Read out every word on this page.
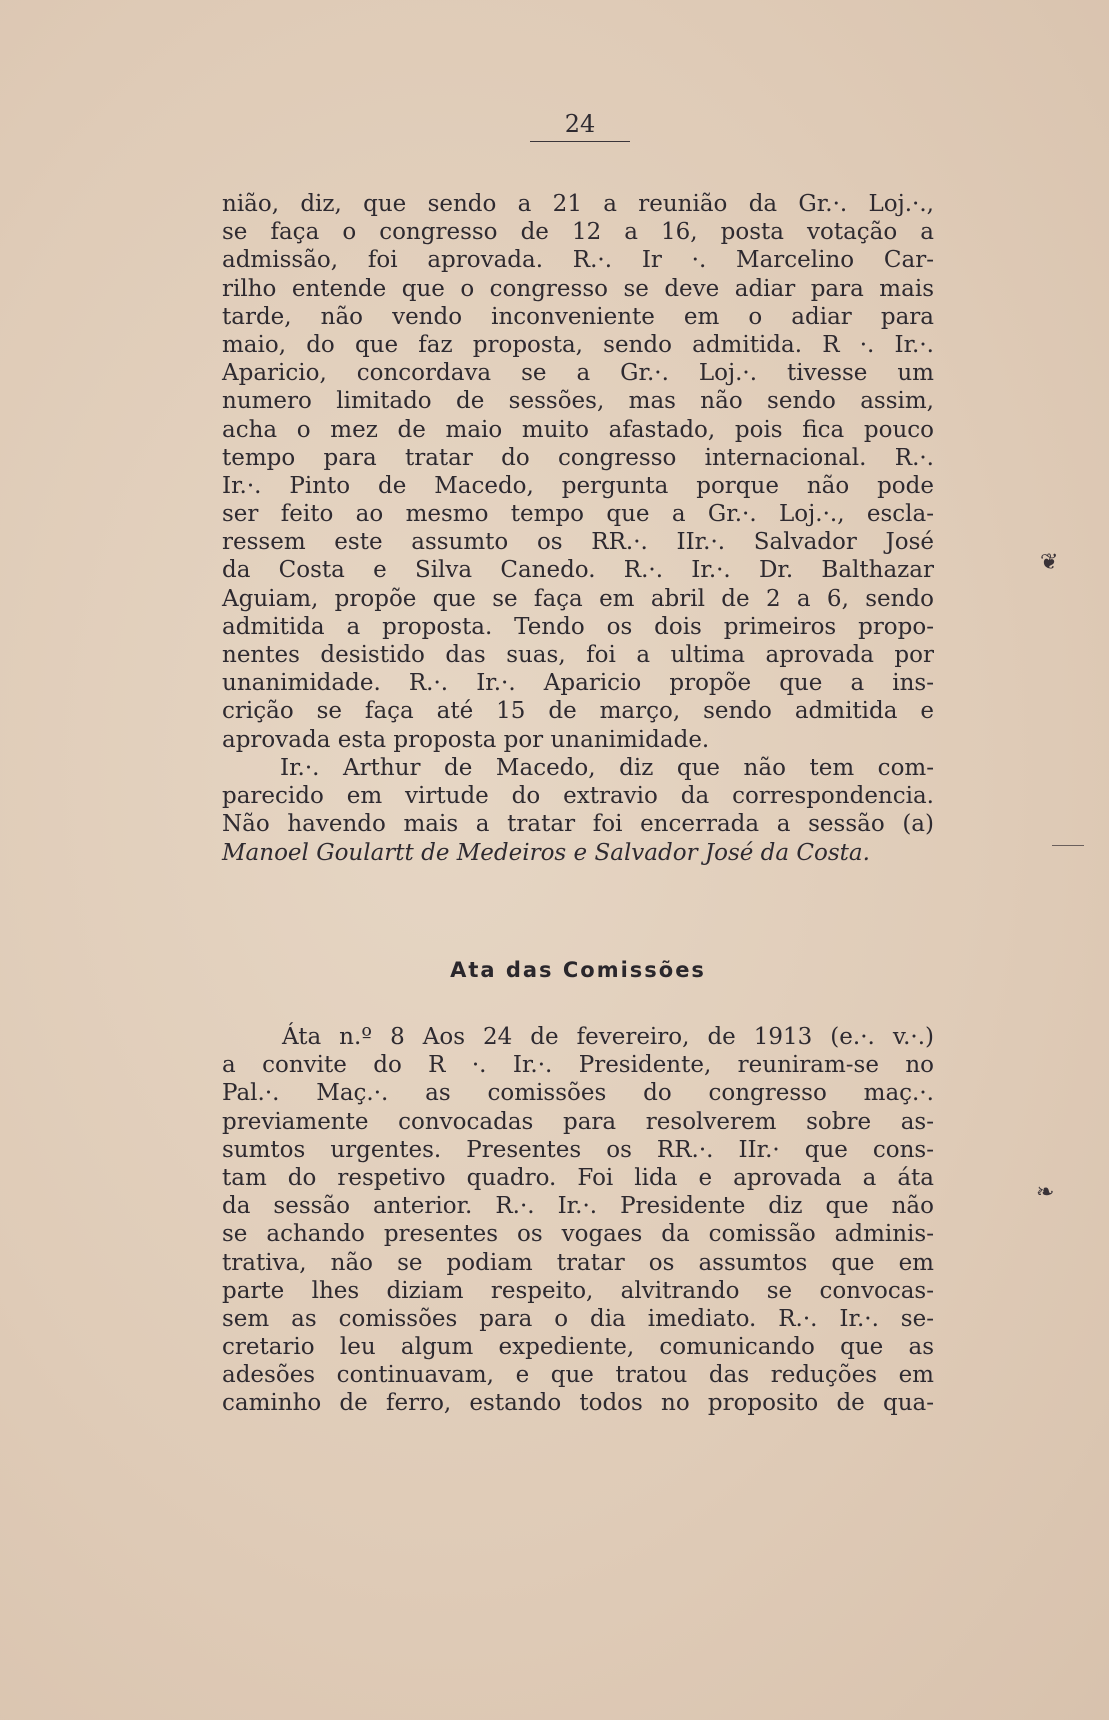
24
nião, diz, que sendo a 21 a reunião da Gr.·. Loj.·.,
se faça o congresso de 12 a 16, posta votação a
admissão, foi aprovada. R.·. Ir ·. Marcelino Car-
rilho entende que o congresso se deve adiar para mais
tarde, não vendo inconveniente em o adiar para
maio, do que faz proposta, sendo admitida. R ·. Ir.·.
Aparicio, concordava se a Gr.·. Loj.·. tivesse um
numero limitado de sessões, mas não sendo assim,
acha o mez de maio muito afastado, pois fica pouco
tempo para tratar do congresso internacional. R.·.
Ir.·. Pinto de Macedo, pergunta porque não pode
ser feito ao mesmo tempo que a Gr.·. Loj.·., escla-
ressem este assumto os RR.·. IIr.·. Salvador José
da Costa e Silva Canedo. R.·. Ir.·. Dr. Balthazar
Aguiam, propõe que se faça em abril de 2 a 6, sendo
admitida a proposta. Tendo os dois primeiros propo-
nentes desistido das suas, foi a ultima aprovada por
unanimidade. R.·. Ir.·. Aparicio propõe que a ins-
crição se faça até 15 de março, sendo admitida e
aprovada esta proposta por unanimidade.
Ir.·. Arthur de Macedo, diz que não tem com-
parecido em virtude do extravio da correspondencia.
Não havendo mais a tratar foi encerrada a sessão (a)
Manoel Goulartt de Medeiros e Salvador José da Costa.
Ata das Comissões
Áta n.º 8 Aos 24 de fevereiro, de 1913 (e.·. v.·.)
a convite do R ·. Ir.·. Presidente, reuniram-se no
Pal.·. Maç.·. as comissões do congresso maç.·.
previamente convocadas para resolverem sobre as-
sumtos urgentes. Presentes os RR.·. IIr.· que cons-
tam do respetivo quadro. Foi lida e aprovada a áta
da sessão anterior. R.·. Ir.·. Presidente diz que não
se achando presentes os vogaes da comissão adminis-
trativa, não se podiam tratar os assumtos que em
parte lhes diziam respeito, alvitrando se convocas-
sem as comissões para o dia imediato. R.·. Ir.·. se-
cretario leu algum expediente, comunicando que as
adesões continuavam, e que tratou das reduções em
caminho de ferro, estando todos no proposito de qua-
❦
❧
